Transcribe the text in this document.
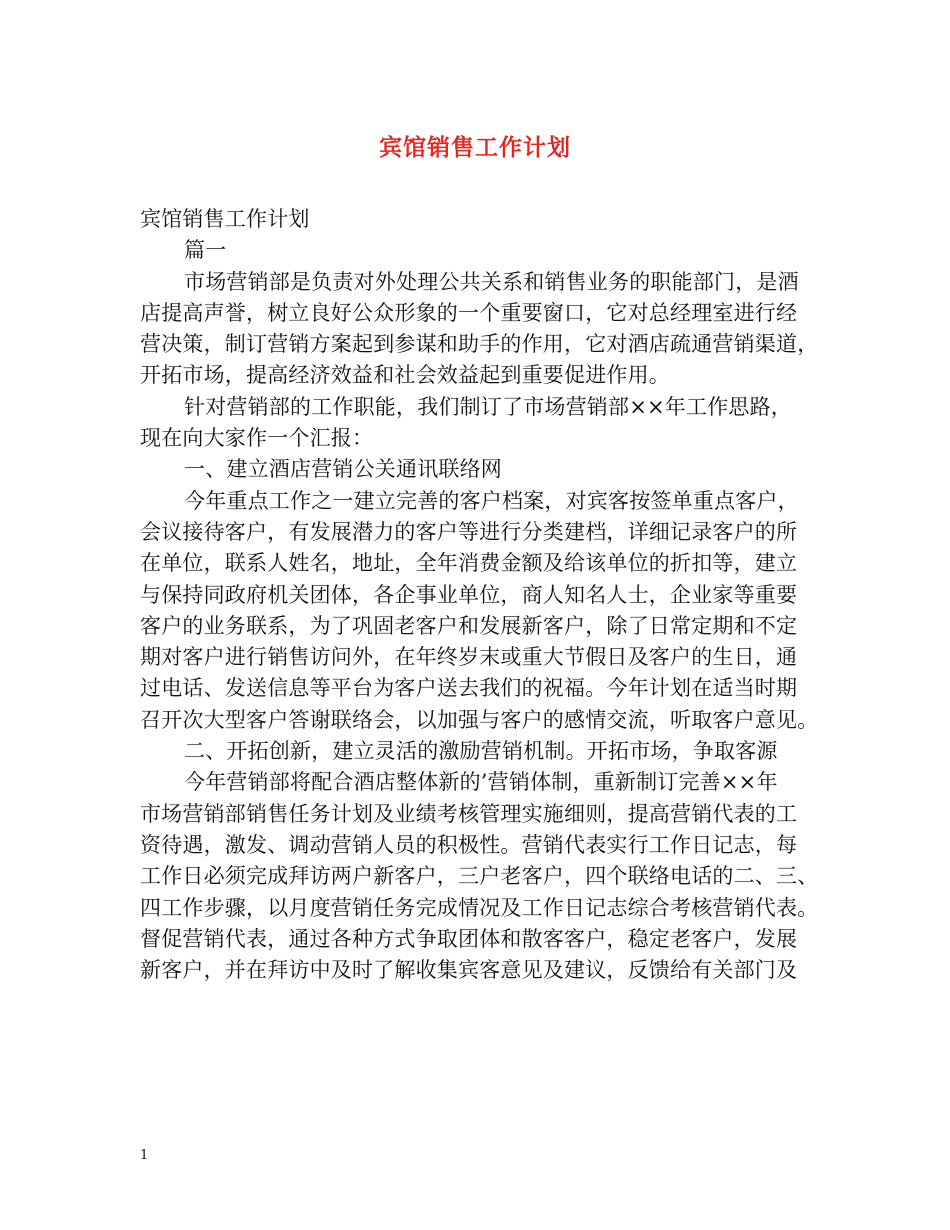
宾馆销售工作计划

宾馆销售工作计划

篇一

市场营销部是负责对外处理公共关系和销售业务的职能部门，是酒

店提高声誉，树立良好公众形象的一个重要窗口，它对总经理室进行经

营决策，制订营销方案起到参谋和助手的作用，它对酒店疏通营销渠道，

开拓市场，提高经济效益和社会效益起到重要促进作用。

针对营销部的工作职能，我们制订了市场营销部××年工作思路，

现在向大家作一个汇报：

一、建立酒店营销公关通讯联络网

今年重点工作之一建立完善的客户档案，对宾客按签单重点客户，

会议接待客户，有发展潜力的客户等进行分类建档，详细记录客户的所

在单位，联系人姓名，地址，全年消费金额及给该单位的折扣等，建立

与保持同政府机关团体，各企事业单位，商人知名人士，企业家等重要

客户的业务联系，为了巩固老客户和发展新客户，除了日常定期和不定

期对客户进行销售访问外，在年终岁末或重大节假日及客户的生日，通

过电话、发送信息等平台为客户送去我们的祝福。今年计划在适当时期

召开次大型客户答谢联络会，以加强与客户的感情交流，听取客户意见。

二、开拓创新，建立灵活的激励营销机制。开拓市场，争取客源

今年营销部将配合酒店整体新的’营销体制，重新制订完善××年

市场营销部销售任务计划及业绩考核管理实施细则，提高营销代表的工

资待遇，激发、调动营销人员的积极性。营销代表实行工作日记志，每

工作日必须完成拜访两户新客户，三户老客户，四个联络电话的二、三、

四工作步骤，以月度营销任务完成情况及工作日记志综合考核营销代表。

督促营销代表，通过各种方式争取团体和散客客户，稳定老客户，发展

新客户，并在拜访中及时了解收集宾客意见及建议，反馈给有关部门及

1
